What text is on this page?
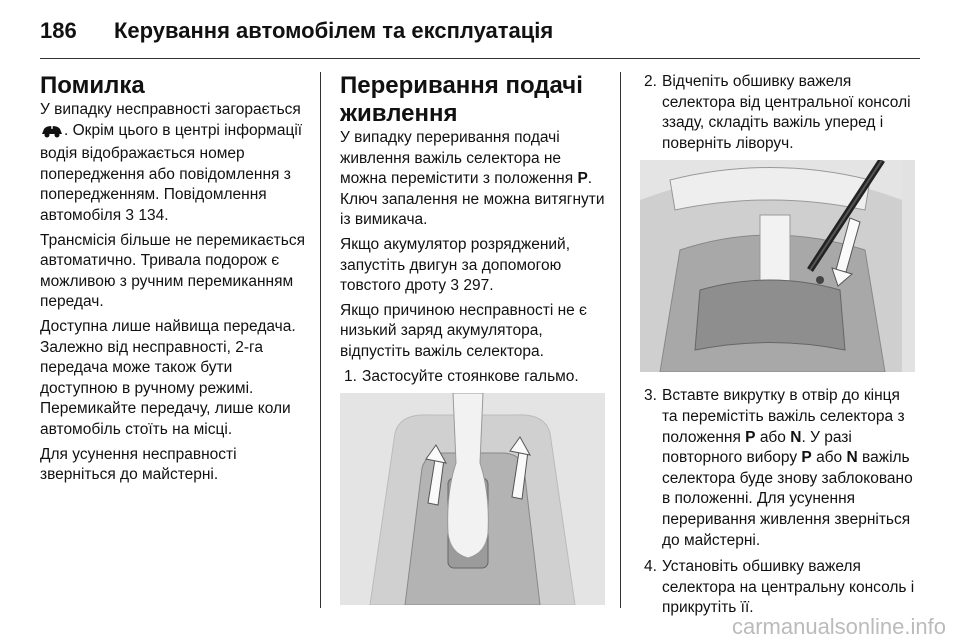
186 Керування автомобілем та експлуатація
Помилка

У випадку несправності загорається . Окрім цього в центрі інформації водія відображається номер попередження або повідомлення з попередженням. Повідомлення автомобіля 3 134.

Трансмісія більше не перемикається автоматично. Тривала подорож є можливою з ручним перемиканням передач.

Доступна лише найвища передача. Залежно від несправності, 2-га передача може також бути доступною в ручному режимі. Перемикайте передачу, лише коли автомобіль стоїть на місці.

Для усунення несправності зверніться до майстерні.

Переривання подачі живлення

У випадку переривання подачі живлення важіль селектора не можна перемістити з положення P. Ключ запалення не можна витягнути із вимикача.

Якщо акумулятор розряджений, запустіть двигун за допомогою товстого дроту 3 297.

Якщо причиною несправності не є низький заряд акумулятора, відпустіть важіль селектора.

1. Застосуйте стоянкове гальмо.
2. Відчепіть обшивку важеля селектора від центральної консолі ззаду, складіть важіль уперед і поверніть ліворуч.
3. Вставте викрутку в отвір до кінця та перемістіть важіль селектора з положення P або N. У разі повторного вибору P або N важіль селектора буде знову заблоковано в положенні. Для усунення переривання живлення зверніться до майстерні.
4. Установіть обшивку важеля селектора на центральну консоль і прикрутіть її.
carmanualsonline.info
